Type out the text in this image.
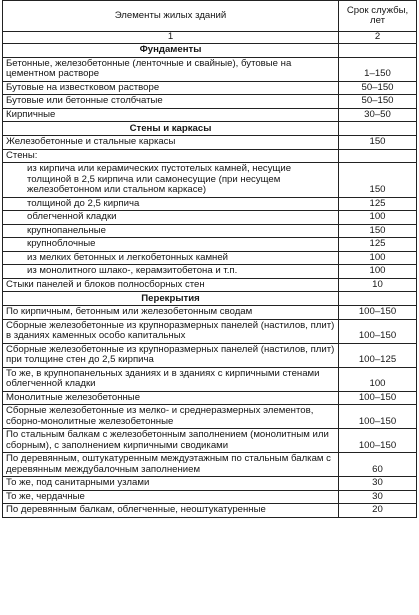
Элементы жилых зданий	Срок службы, лет
1	2
Фундаменты	
Бетонные, железобетонные (ленточные и свайные), бутовые на цементном растворе	1–150
Бутовые на известковом растворе	50–150
Бутовые или бетонные столбчатые	50–150
Кирпичные	30–50
Стены и каркасы	
Железобетонные и стальные каркасы	150
Стены:	
из кирпича или керамических пустотелых камней, несущие толщиной в 2,5 кирпича или самонесущие (при несущем железобетонном или стальном каркасе)	150
толщиной до 2,5 кирпича	125
облегченной кладки	100
крупнопанельные	150
крупноблочные	125
из мелких бетонных и легкобетонных камней	100
из монолитного шлако-, керамзитобетона и т.п.	100
Стыки панелей и блоков полносборных стен	10
Перекрытия	
По кирпичным, бетонным или железобетонным сводам	100–150
Сборные железобетонные из крупноразмерных панелей (настилов, плит) в зданиях каменных особо капитальных	100–150
Сборные железобетонные из крупноразмерных панелей (настилов, плит) при толщине стен до 2,5 кирпича	100–125
То же, в крупнопанельных зданиях и в зданиях с кирпичными стенами облегченной кладки	100
Монолитные железобетонные	100–150
Сборные железобетонные из мелко- и среднеразмерных элементов, сборно-монолитные железобетонные	100–150
По стальным балкам с железобетонным заполнением (монолитным или сборным), с заполнением кирпичными сводиками	100–150
По деревянным, оштукатуренным междуэтажным по стальным балкам с деревянным междубалочным заполнением	60
То же, под санитарными узлами	30
То же, чердачные	30
По деревянным балкам, облегченные, неоштукатуренные	20
